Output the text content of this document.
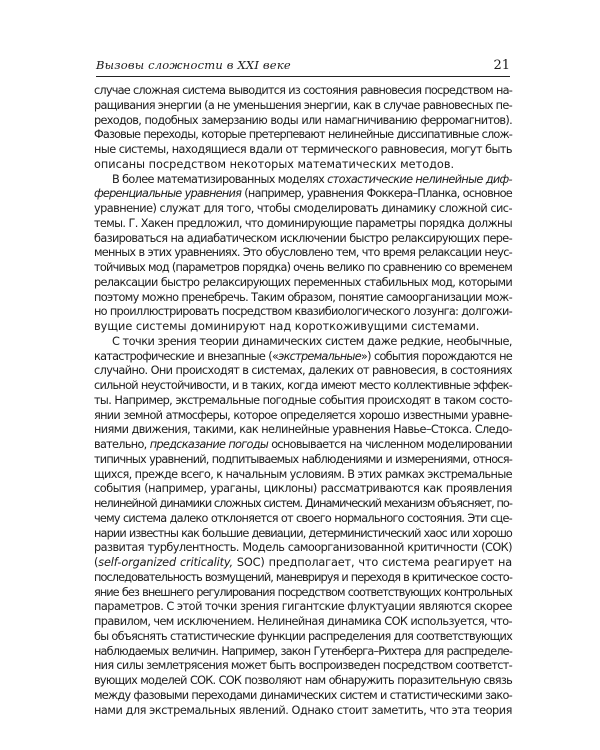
Вызовы сложности в XXI веке	21
случае сложная система выводится из состояния равновесия посредством на-
ращивания энергии (а не уменьшения энергии, как в случае равновесных пе-
реходов, подобных замерзанию воды или намагничиванию ферромагнитов).
Фазовые переходы, которые претерпевают нелинейные диссипативные слож-
ные системы, находящиеся вдали от термического равновесия, могут быть
описаны посредством некоторых математических методов.
В более математизированных моделях стохастические нелинейные диф-
ференциальные уравнения (например, уравнения Фоккера–Планка, основное
уравнение) служат для того, чтобы смоделировать динамику сложной сис-
темы. Г. Хакен предложил, что доминирующие параметры порядка должны
базироваться на адиабатическом исключении быстро релаксирующих пере-
менных в этих уравнениях. Это обусловлено тем, что время релаксации неус-
тойчивых мод (параметров порядка) очень велико по сравнению со временем
релаксации быстро релаксирующих переменных стабильных мод, которыми
поэтому можно пренебречь. Таким образом, понятие самоорганизации мож-
но проиллюстрировать посредством квазибиологического лозунга: долгожи-
вущие системы доминируют над короткоживущими системами.
С точки зрения теории динамических систем даже редкие, необычные,
катастрофические и внезапные («экстремальные») события порождаются не
случайно. Они происходят в системах, далеких от равновесия, в состояниях
сильной неустойчивости, и в таких, когда имеют место коллективные эффек-
ты. Например, экстремальные погодные события происходят в таком состо-
янии земной атмосферы, которое определяется хорошо известными уравне-
ниями движения, такими, как нелинейные уравнения Навье–Стокса. Следо-
вательно, предсказание погоды основывается на численном моделировании
типичных уравнений, подпитываемых наблюдениями и измерениями, относя-
щихся, прежде всего, к начальным условиям. В этих рамках экстремальные
события (например, ураганы, циклоны) рассматриваются как проявления
нелинейной динамики сложных систем. Динамический механизм объясняет, по-
чему система далеко отклоняется от своего нормального состояния. Эти сце-
нарии известны как большие девиации, детерминистический хаос или хорошо
развитая турбулентность. Модель самоорганизованной критичности (СОК)
(self-organized criticality, SOC) предполагает, что система реагирует на
последовательность возмущений, маневрируя и переходя в критическое состо-
яние без внешнего регулирования посредством соответствующих контрольных
параметров. С этой точки зрения гигантские флуктуации являются скорее
правилом, чем исключением. Нелинейная динамика СОК используется, что-
бы объяснять статистические функции распределения для соответствующих
наблюдаемых величин. Например, закон Гутенберга–Рихтера для распределе-
ния силы землетрясения может быть воспроизведен посредством соответст-
вующих моделей СОК. СОК позволяют нам обнаружить поразительную связь
между фазовыми переходами динамических систем и статистическими зако-
нами для экстремальных явлений. Однако стоит заметить, что эта теория
